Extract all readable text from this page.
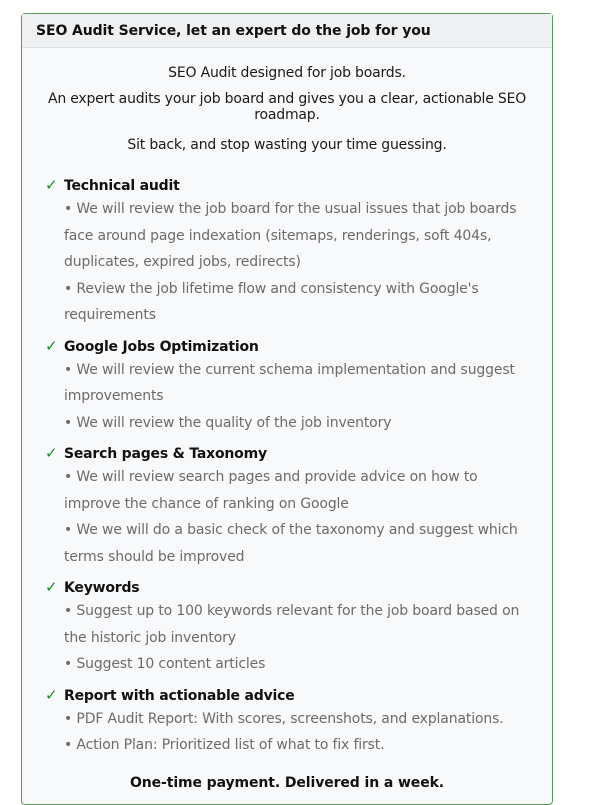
SEO Audit Service, let an expert do the job for you

SEO Audit designed for job boards.

An expert audits your job board and gives you a clear, actionable SEO roadmap.

Sit back, and stop wasting your time guessing.

✓ Technical audit
• We will review the job board for the usual issues that job boards face around page indexation (sitemaps, renderings, soft 404s, duplicates, expired jobs, redirects)
• Review the job lifetime flow and consistency with Google's requirements
✓ Google Jobs Optimization
• We will review the current schema implementation and suggest improvements
• We will review the quality of the job inventory
✓ Search pages & Taxonomy
• We will review search pages and provide advice on how to improve the chance of ranking on Google
• We we will do a basic check of the taxonomy and suggest which terms should be improved
✓ Keywords
• Suggest up to 100 keywords relevant for the job board based on the historic job inventory
• Suggest 10 content articles
✓ Report with actionable advice
• PDF Audit Report: With scores, screenshots, and explanations.
• Action Plan: Prioritized list of what to fix first.
One-time payment. Delivered in a week.
